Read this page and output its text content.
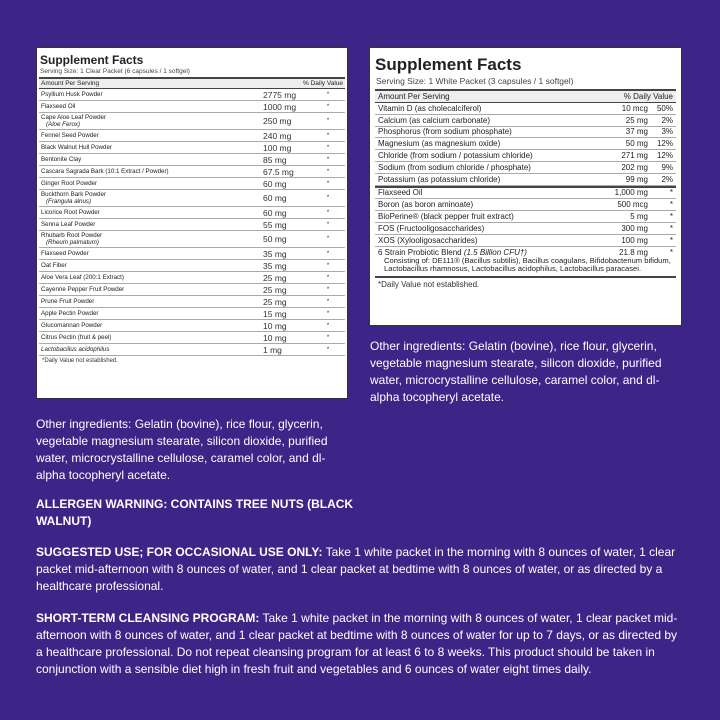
Supplement Facts
Serving Size: 1 Clear Packet (6 capsules / 1 softgel)
Amount Per Serving	% Daily Value
Psyllium Husk Powder	2775 mg	*
Flaxseed Oil	1000 mg	*
Cape Aloe Leaf Powder
(Aloe Ferox)	250 mg	*
Fennel Seed Powder	240 mg	*
Black Walnut Hull Powder	100 mg	*
Bentonite Clay	85 mg	*
Cascara Sagrada Bark (10:1 Extract / Powder)	67.5 mg	*
Ginger Root Powder	60 mg	*
Buckthorn Bark Powder
(Frangula alnus)	60 mg	*
Licorice Root Powder	60 mg	*
Senna Leaf Powder	55 mg	*
Rhubarb Root Powder
(Rheum palmatum)	50 mg	*
Flaxseed Powder	35 mg	*
Oat Fiber	35 mg	*
Aloe Vera Leaf (200:1 Extract)	25 mg	*
Cayenne Pepper Fruit Powder	25 mg	*
Prune Fruit Powder	25 mg	*
Apple Pectin Powder	15 mg	*
Glucomannan Powder	10 mg	*
Citrus Pectin (fruit & peel)	10 mg	*
Lactobacillus acidophilus	1 mg	*
*Daily Value not established.
Supplement Facts
Serving Size: 1 White Packet (3 capsules / 1 softgel)
Amount Per Serving	% Daily Value
Vitamin D (as cholecalciferol)	10 mcg	50%
Calcium (as calcium carbonate)	25 mg	2%
Phosphorus (from sodium phosphate)	37 mg	3%
Magnesium (as magnesium oxide)	50 mg	12%
Chloride (from sodium / potassium chloride)	271 mg	12%
Sodium (from sodium chloride / phosphate)	202 mg	9%
Potassium (as potassium chloride)	99 mg	2%
Flaxseed Oil	1,000 mg	*
Boron (as boron aminoate)	500 mcg	*
BioPerine® (black pepper fruit extract)	5 mg	*
FOS (Fructooligosaccharides)	300 mg	*
XOS (Xylooligosaccharides)	100 mg	*
6 Strain Probiotic Blend (1.5 Billion CFU†)	21.8 mg	*
Consisting of: DE111® (Bacillus subtilis), Bacillus coagulans, Bifidobacterium bifidum, Lactobacillus rhamnosus, Lactobacillus acidophilus, Lactobacillus paracasei.
*Daily Value not established.
Other ingredients: Gelatin (bovine), rice flour, glycerin, vegetable magnesium stearate, silicon dioxide, purified water, microcrystalline cellulose, caramel color, and dl-alpha tocopheryl acetate.
Other ingredients: Gelatin (bovine), rice flour, glycerin, vegetable magnesium stearate, silicon dioxide, purified water, microcrystalline cellulose, caramel color, and dl-alpha tocopheryl acetate.
ALLERGEN WARNING: CONTAINS TREE NUTS (BLACK WALNUT)
SUGGESTED USE; FOR OCCASIONAL USE ONLY: Take 1 white packet in the morning with 8 ounces of water, 1 clear packet mid-afternoon with 8 ounces of water, and 1 clear packet at bedtime with 8 ounces of water, or as directed by a healthcare professional.
SHORT-TERM CLEANSING PROGRAM: Take 1 white packet in the morning with 8 ounces of water, 1 clear packet mid-afternoon with 8 ounces of water, and 1 clear packet at bedtime with 8 ounces of water for up to 7 days, or as directed by a healthcare professional. Do not repeat cleansing program for at least 6 to 8 weeks. This product should be taken in conjunction with a sensible diet high in fresh fruit and vegetables and 6 ounces of water eight times daily.
